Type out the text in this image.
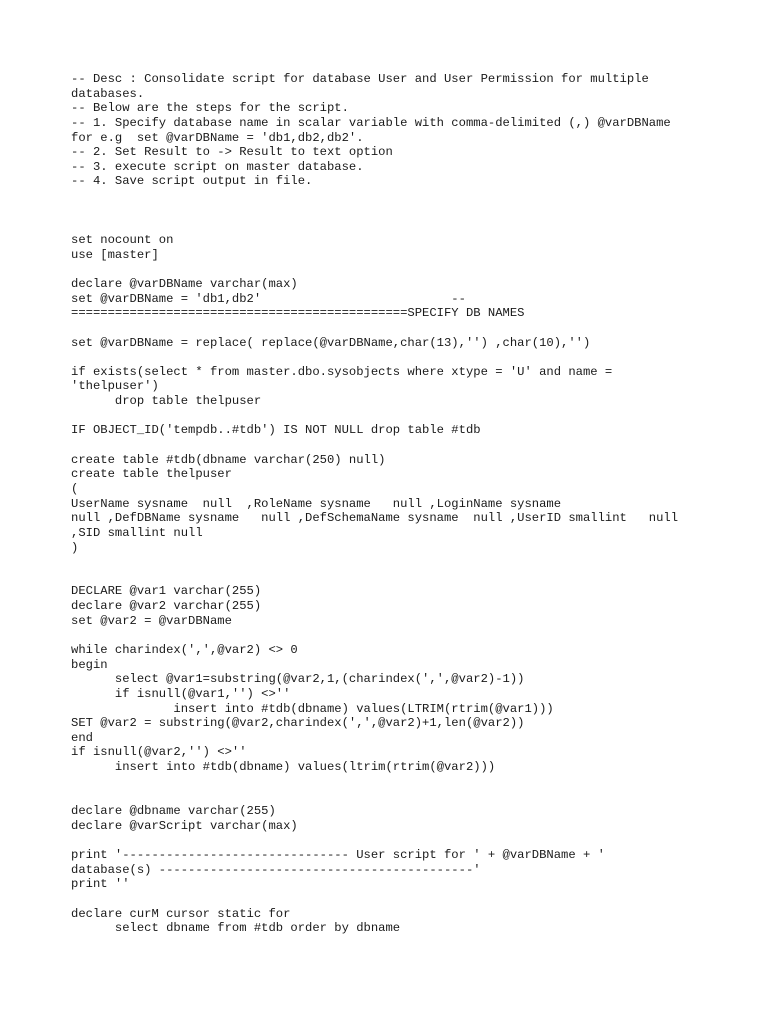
-- Desc : Consolidate script for database User and User Permission for multiple
databases.
-- Below are the steps for the script.
-- 1. Specify database name in scalar variable with comma-delimited (,) @varDBName
for e.g  set @varDBName = 'db1,db2,db2'.
-- 2. Set Result to -> Result to text option
-- 3. execute script on master database.
-- 4. Save script output in file.
set nocount on
use [master]
declare @varDBName varchar(max)
set @varDBName = 'db1,db2'                          --
==============================================SPECIFY DB NAMES
set @varDBName = replace( replace(@varDBName,char(13),'') ,char(10),'')
if exists(select * from master.dbo.sysobjects where xtype = 'U' and name =
'thelpuser')
drop table thelpuser
IF OBJECT_ID('tempdb..#tdb') IS NOT NULL drop table #tdb
create table #tdb(dbname varchar(250) null)
create table thelpuser
(
UserName sysname  null  ,RoleName sysname   null ,LoginName sysname
null ,DefDBName sysname   null ,DefSchemaName sysname  null ,UserID smallint   null
,SID smallint null
)
DECLARE @var1 varchar(255)
declare @var2 varchar(255)
set @var2 = @varDBName
while charindex(',',@var2) <> 0
begin
select @var1=substring(@var2,1,(charindex(',',@var2)-1))
if isnull(@var1,'') <>''
insert into #tdb(dbname) values(LTRIM(rtrim(@var1)))
SET @var2 = substring(@var2,charindex(',',@var2)+1,len(@var2))
end
if isnull(@var2,'') <>''
insert into #tdb(dbname) values(ltrim(rtrim(@var2)))
declare @dbname varchar(255)
declare @varScript varchar(max)
print '------------------------------- User script for ' + @varDBName + '
database(s) -------------------------------------------'
print ''
declare curM cursor static for
select dbname from #tdb order by dbname
